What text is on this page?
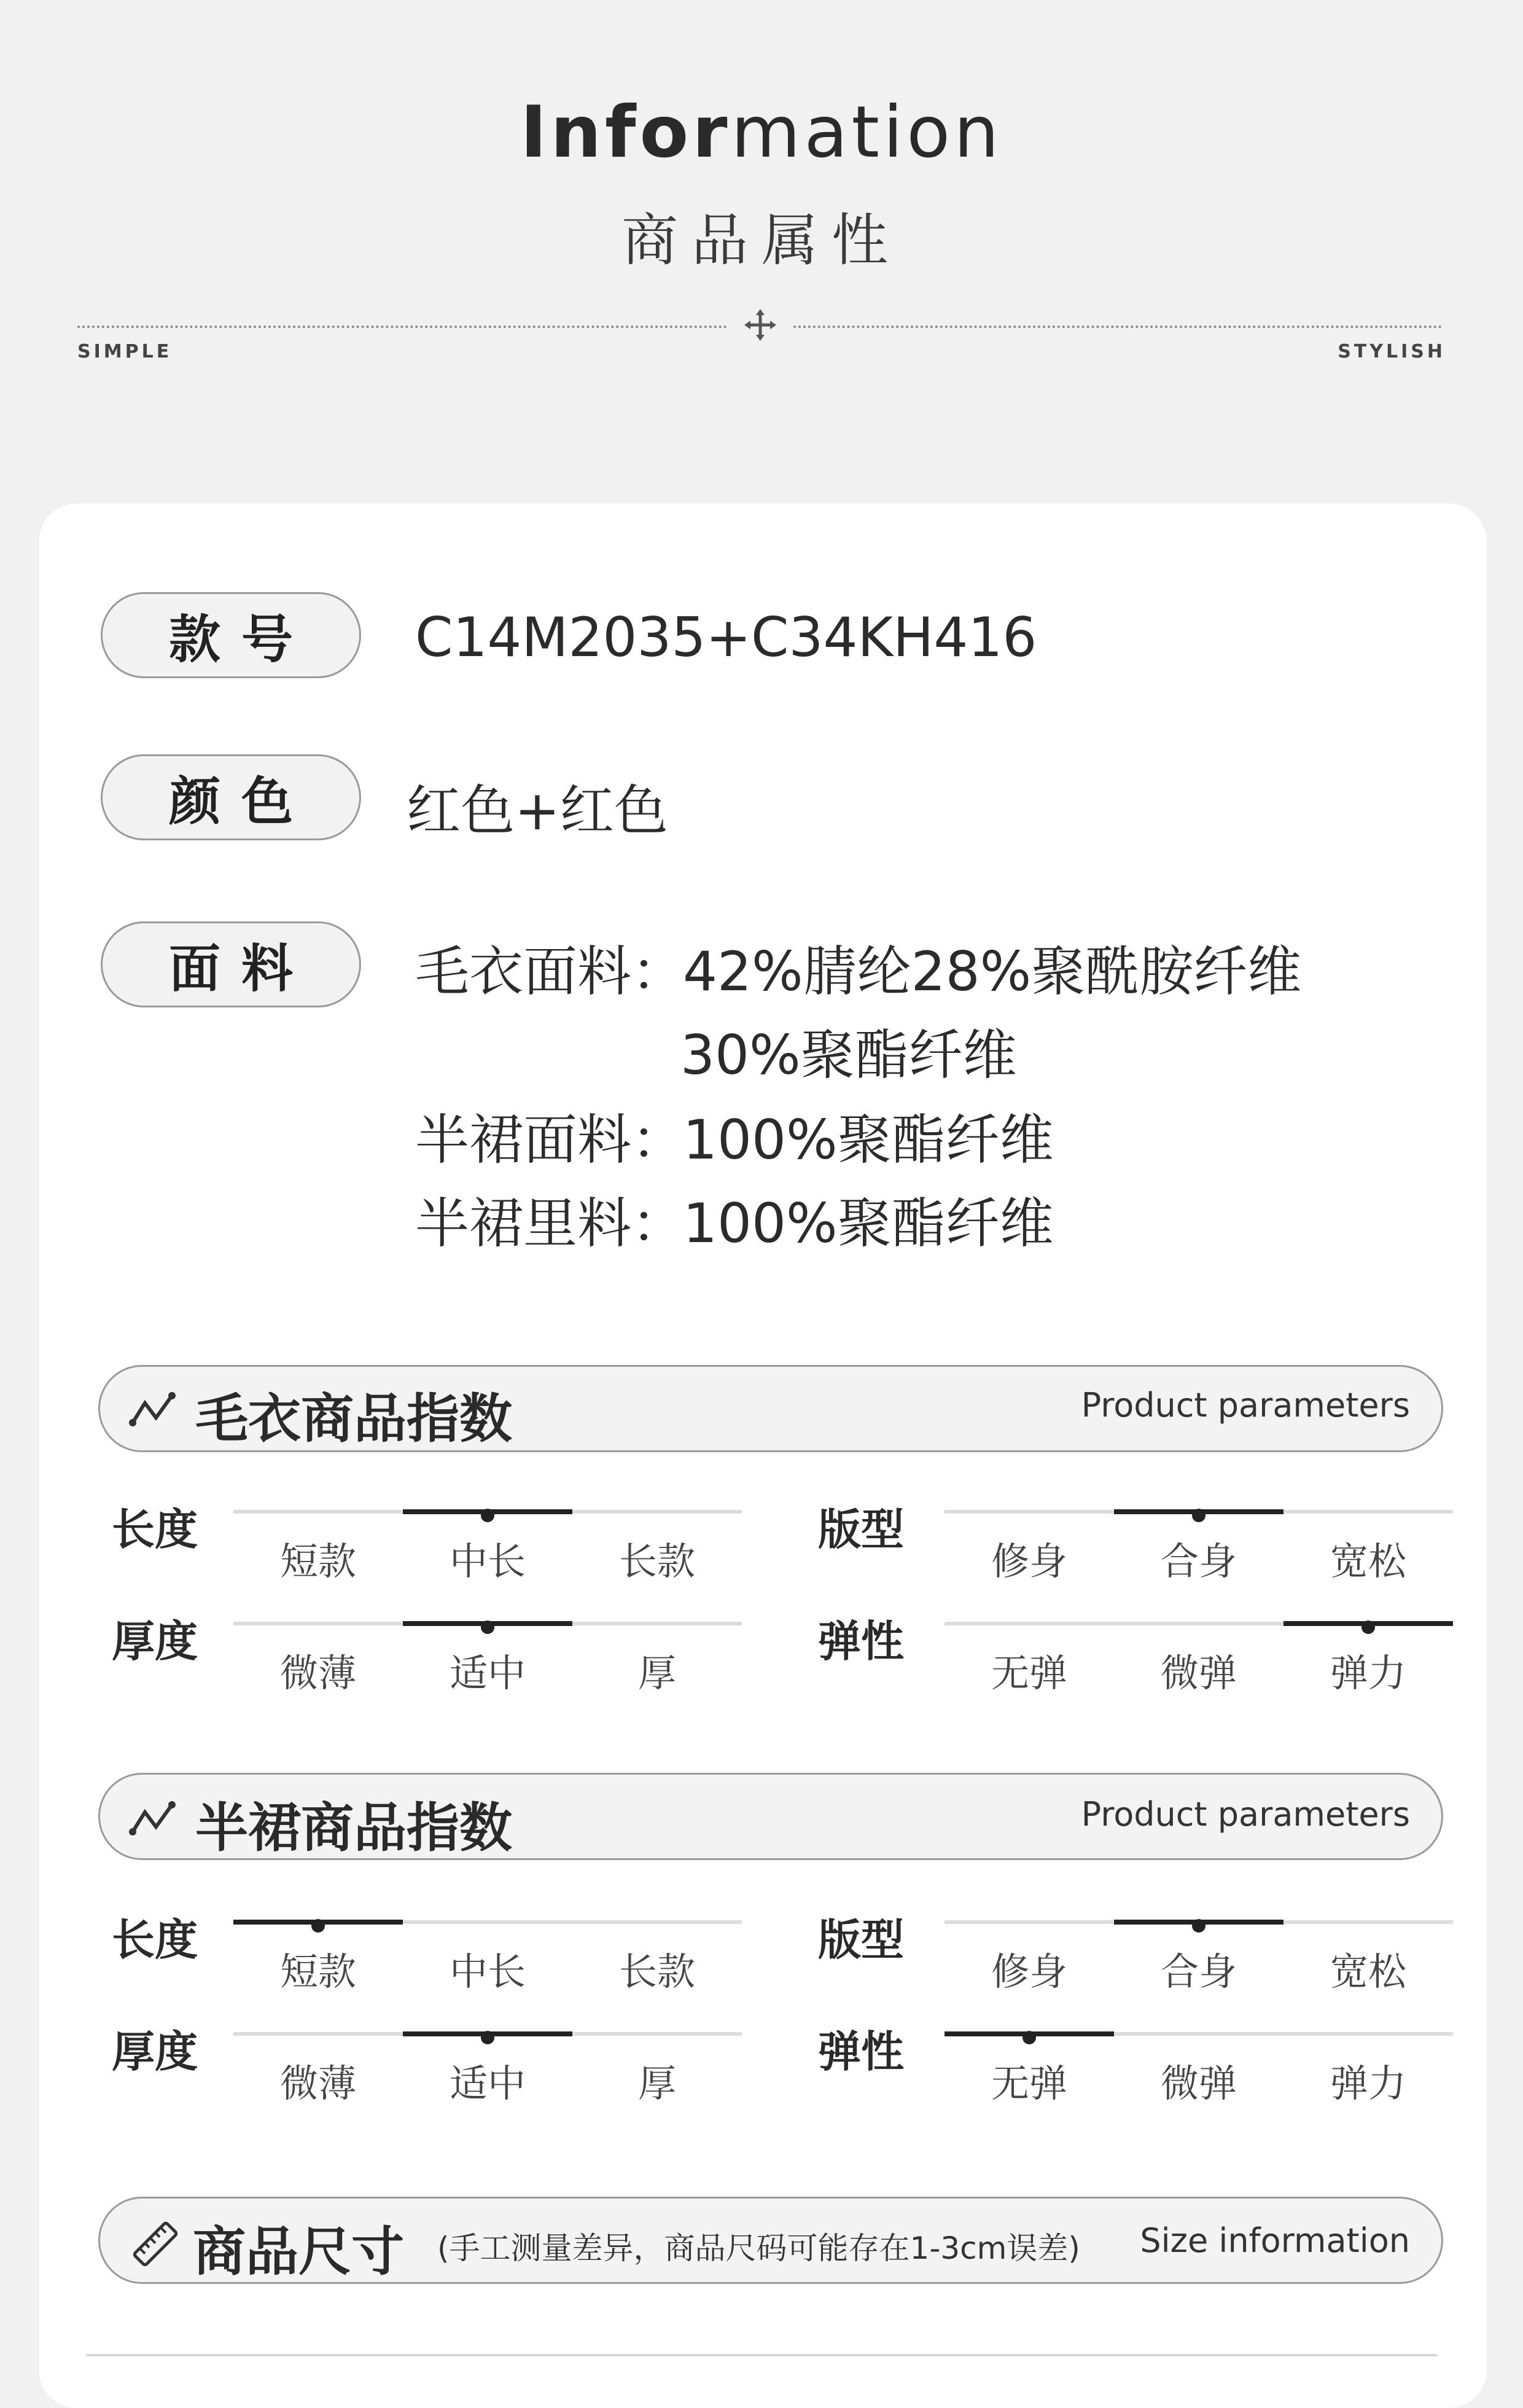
Information
商品属性
SIMPLE	STYLISH
款号	C14M2035+C34KH416
颜色	红色+红色
面料	毛衣面料：
42%腈纶28%聚酰胺纤维
30%聚酯纤维
半裙面料：
100%聚酯纤维
半裙里料：
100%聚酯纤维
毛衣商品指数	Product parameters
长度
短款	中长	长款
版型
修身	合身	宽松
厚度
微薄	适中	厚
弹性
无弹	微弹	弹力
半裙商品指数	Product parameters
长度
短款	中长	长款
版型
修身	合身	宽松
厚度
微薄	适中	厚
弹性
无弹	微弹	弹力
商品尺寸 (手工测量差异，商品尺码可能存在1-3cm误差) Size information
